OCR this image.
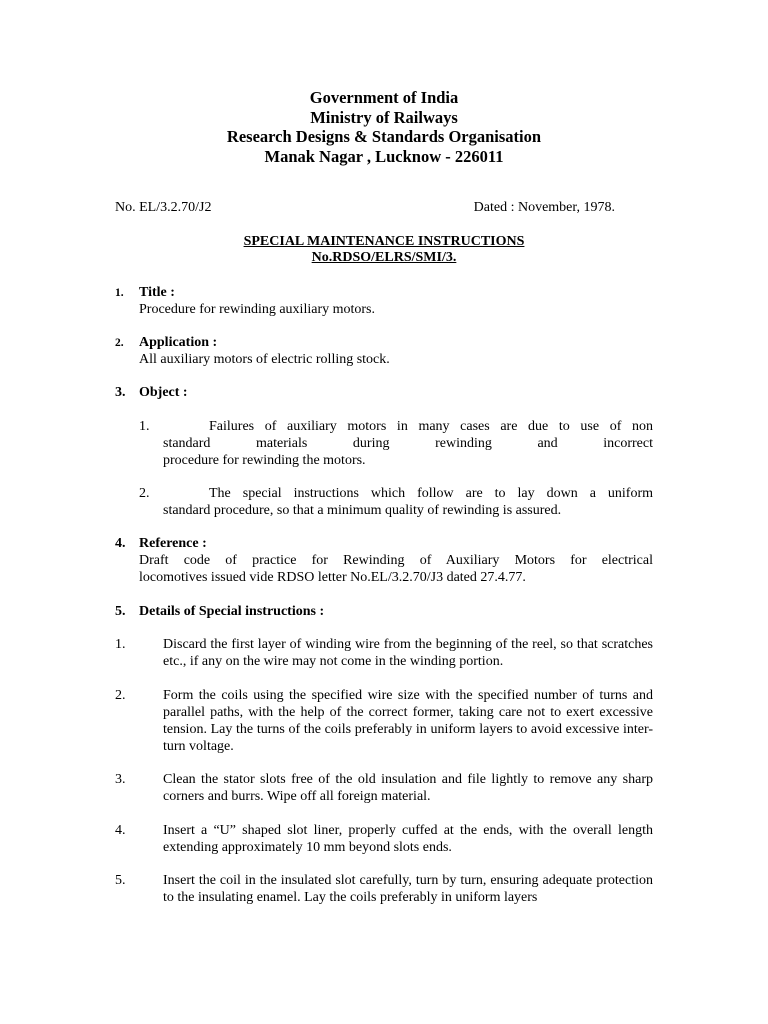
Government of India
Ministry of Railways
Research Designs & Standards Organisation
Manak Nagar , Lucknow - 226011
No. EL/3.2.70/J2	Dated : November, 1978.
SPECIAL MAINTENANCE INSTRUCTIONS
No.RDSO/ELRS/SMI/3.
1. Title :
Procedure for rewinding auxiliary motors.
2. Application :
All auxiliary motors of electric rolling stock.
3. Object :
1.	Failures of auxiliary motors in many cases are due to use of non
standard materials during rewinding and incorrect
procedure for rewinding the motors.
2.	The special instructions which follow are to lay down a uniform
standard procedure, so that a minimum quality of rewinding is assured.
4. Reference :
Draft code of practice for Rewinding of Auxiliary Motors for electrical
locomotives issued vide RDSO letter No.EL/3.2.70/J3 dated 27.4.77.
5. Details of Special instructions :
1.	Discard the first layer of winding wire from the beginning of the reel, so that scratches etc., if any on the wire may not come in the winding portion.
2.	Form the coils using the specified wire size with the specified number of turns and parallel paths, with the help of the correct former, taking care not to exert excessive tension. Lay the turns of the coils preferably in uniform layers to avoid excessive inter-turn voltage.
3.	Clean the stator slots free of the old insulation and file lightly to remove any sharp corners and burrs. Wipe off all foreign material.
4.	Insert a “U” shaped slot liner, properly cuffed at the ends, with the overall length extending approximately 10 mm beyond slots ends.
5.	Insert the coil in the insulated slot carefully, turn by turn, ensuring adequate protection to the insulating enamel. Lay the coils preferably in uniform layers
